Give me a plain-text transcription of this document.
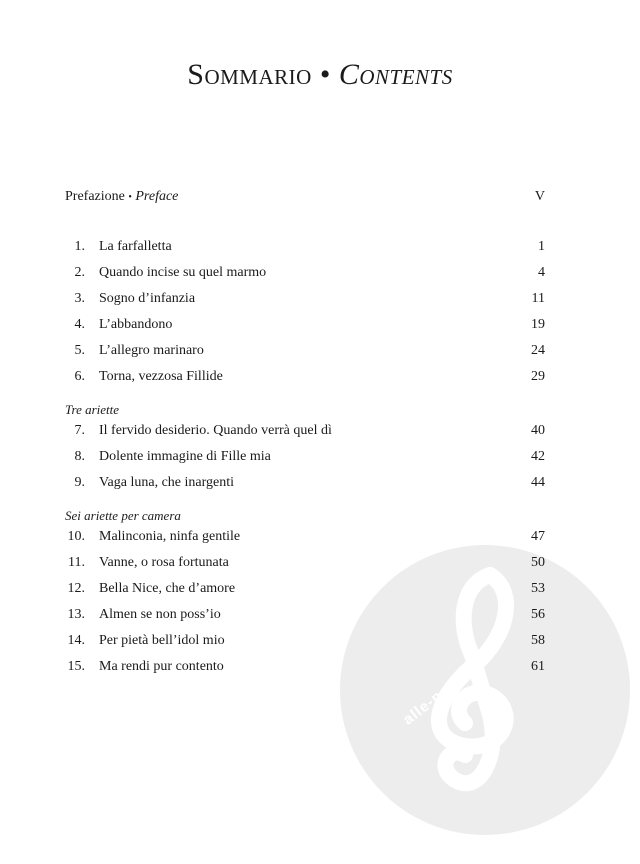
alle-noten.de
Sommario • Contents
Prefazione • Preface	V
1. La farfalletta	1
2. Quando incise su quel marmo	4
3. Sogno d’infanzia	11
4. L’abbandono	19
5. L’allegro marinaro	24
6. Torna, vezzosa Fillide	29
Tre ariette
7. Il fervido desiderio. Quando verrà quel dì	40
8. Dolente immagine di Fille mia	42
9. Vaga luna, che inargenti	44
Sei ariette per camera
10. Malinconia, ninfa gentile	47
11. Vanne, o rosa fortunata	50
12. Bella Nice, che d’amore	53
13. Almen se non poss’io	56
14. Per pietà bell’idol mio	58
15. Ma rendi pur contento	61
